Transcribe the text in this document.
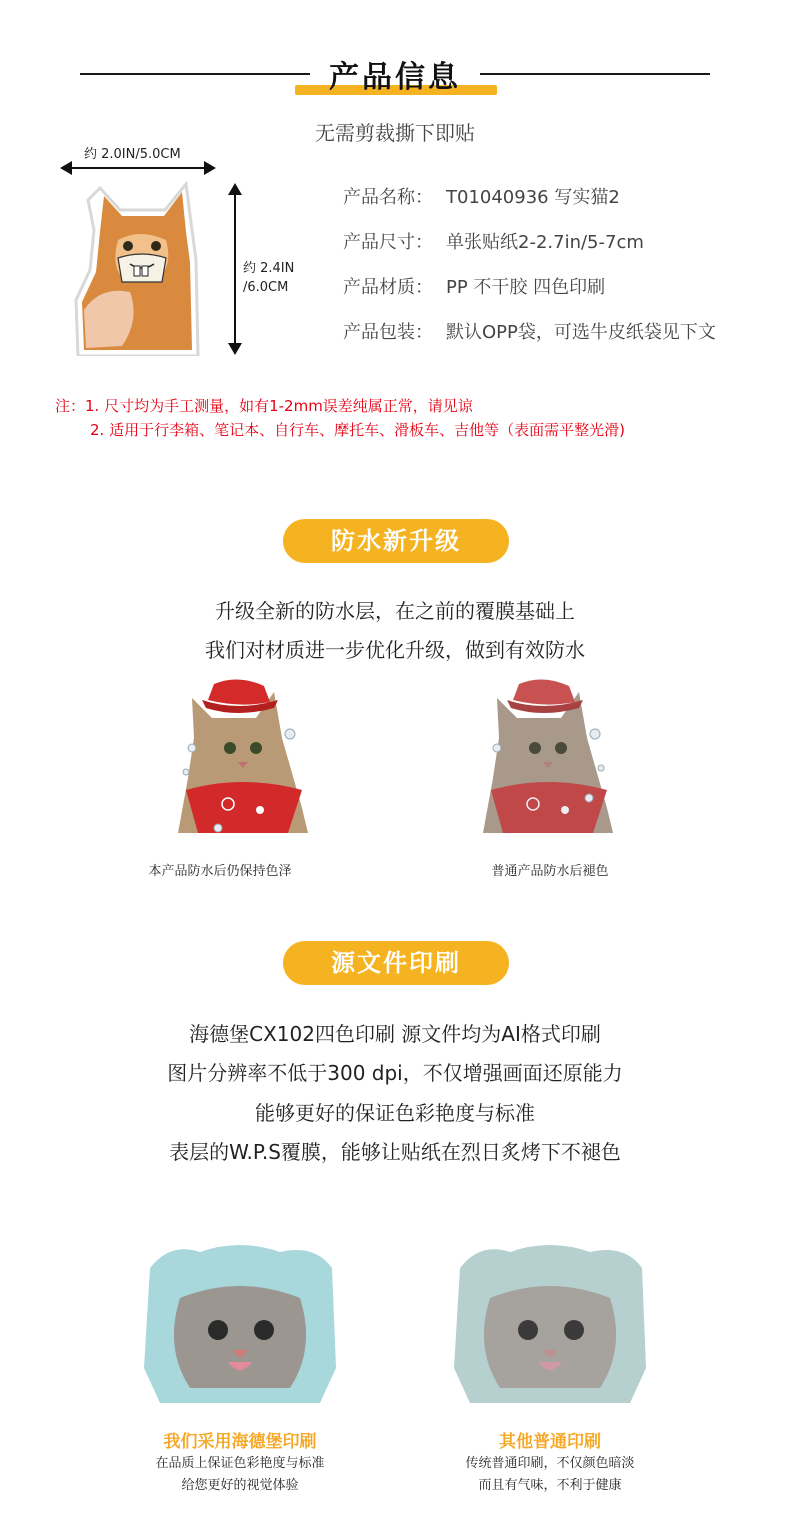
产品信息
无需剪裁撕下即贴
约 2.0IN/5.0CM
约 2.4IN
/6.0CM
产品名称： T01040936 写实猫2
产品尺寸： 单张贴纸2-2.7in/5-7cm
产品材质： PP 不干胶 四色印刷
产品包装： 默认OPP袋，可选牛皮纸袋见下文
注：1. 尺寸均为手工测量，如有1-2mm误差纯属正常，请见谅
2. 适用于行李箱、笔记本、自行车、摩托车、滑板车、吉他等（表面需平整光滑)
防水新升级
升级全新的防水层，在之前的覆膜基础上
我们对材质进一步优化升级，做到有效防水
本产品防水后仍保持色泽	普通产品防水后褪色
源文件印刷
海德堡CX102四色印刷 源文件均为AI格式印刷
图片分辨率不低于300 dpi，不仅增强画面还原能力
能够更好的保证色彩艳度与标准
表层的W.P.S覆膜，能够让贴纸在烈日炙烤下不褪色
我们采用海德堡印刷
在品质上保证色彩艳度与标准
给您更好的视觉体验
其他普通印刷
传统普通印刷，不仅颜色暗淡
而且有气味，不利于健康
